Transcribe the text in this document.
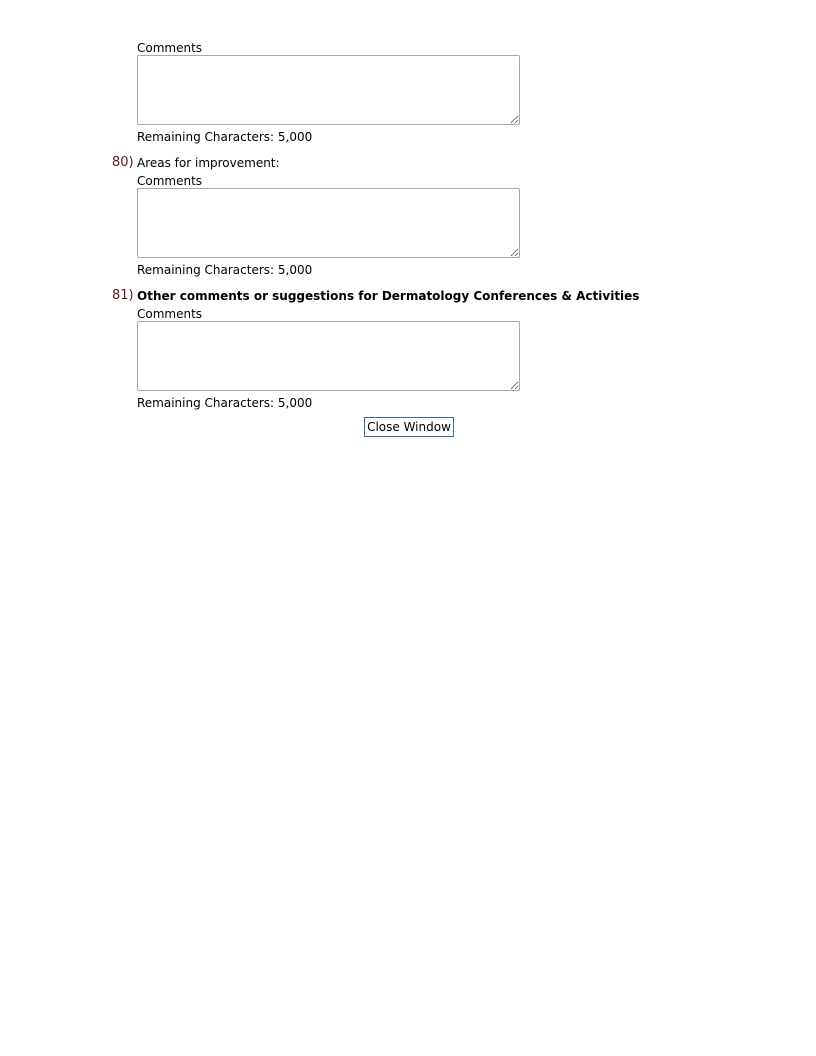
Comments
Remaining Characters: 5,000
80) Areas for improvement:
Comments
Remaining Characters: 5,000
81) Other comments or suggestions for Dermatology Conferences & Activities
Comments
Remaining Characters: 5,000
Close Window
